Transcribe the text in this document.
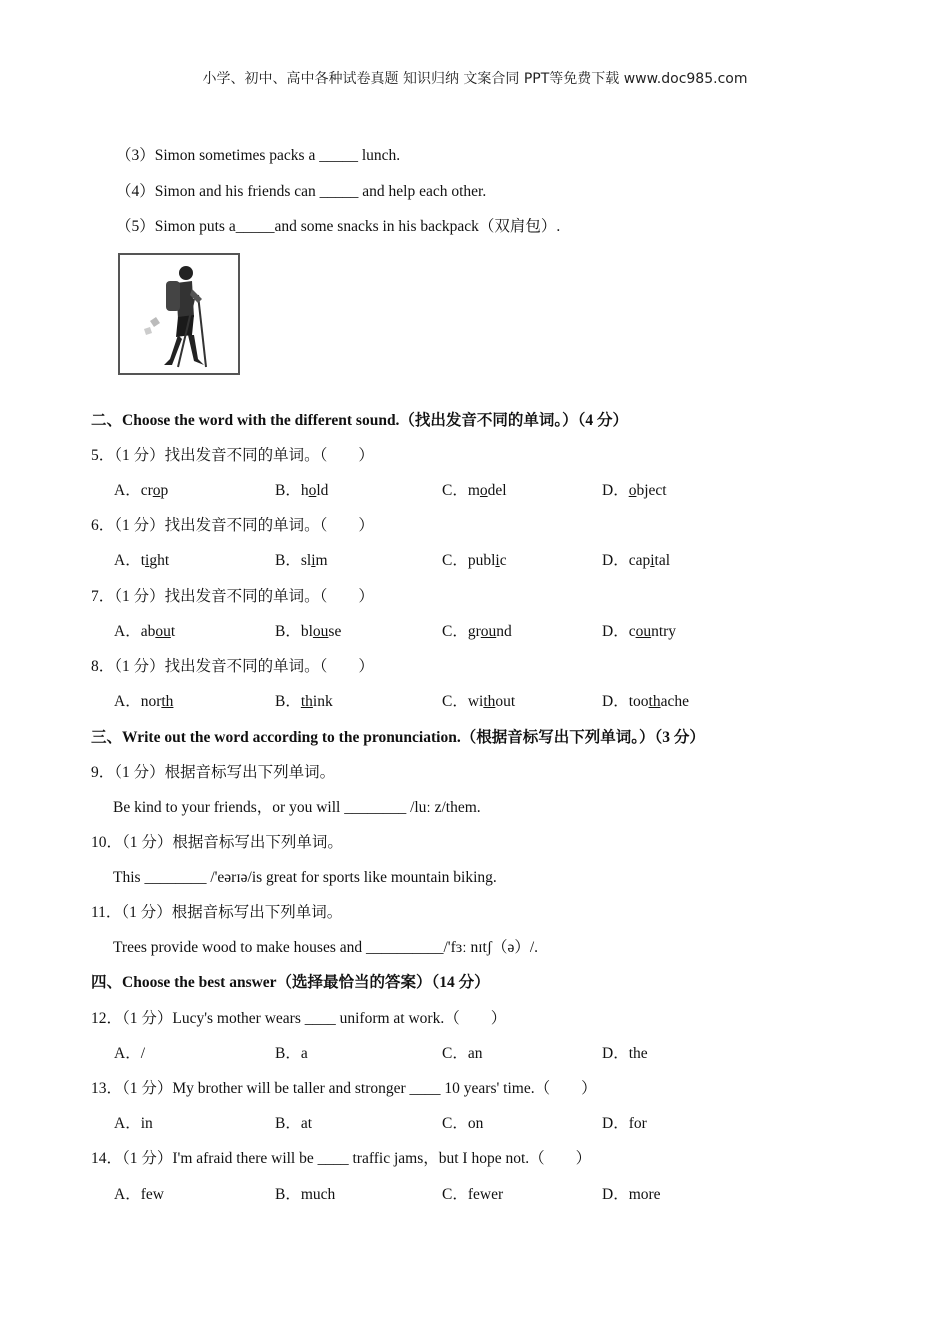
小学、初中、高中各种试卷真题 知识归纳 文案合同 PPT等免费下载 www.doc985.com
（3）Simon sometimes packs a _____ lunch.
（4）Simon and his friends can _____ and help each other.
（5）Simon puts a_____and some snacks in his backpack（双肩包）.
二、Choose the word with the different sound.（找出发音不同的单词。）（4 分）
5．（1 分）找出发音不同的单词。（　　）
A．crop	B．hold	C．model	D．object
6．（1 分）找出发音不同的单词。（　　）
A．tight	B．slim	C．public	D．capital
7．（1 分）找出发音不同的单词。（　　）
A．about	B．blouse	C．ground	D．country
8．（1 分）找出发音不同的单词。（　　）
A．north	B．think	C．without	D．toothache
三、Write out the word according to the pronunciation.（根据音标写出下列单词。）（3 分）
9．（1 分）根据音标写出下列单词。
Be kind to your friends，or you will ________ /luː z/them.
10．（1 分）根据音标写出下列单词。
This ________ /'eərɪə/is great for sports like mountain biking.
11．（1 分）根据音标写出下列单词。
Trees provide wood to make houses and __________/'fɜː nɪtʃ（ə）/.
四、Choose the best answer（选择最恰当的答案）（14 分）
12．（1 分）Lucy's mother wears ____ uniform at work.（　　）
A．/	B．a	C．an	D．the
13．（1 分）My brother will be taller and stronger ____ 10 years' time.（　　）
A．in	B．at	C．on	D．for
14．（1 分）I'm afraid there will be ____ traffic jams，but I hope not.（　　）
A．few	B．much	C．fewer	D．more
